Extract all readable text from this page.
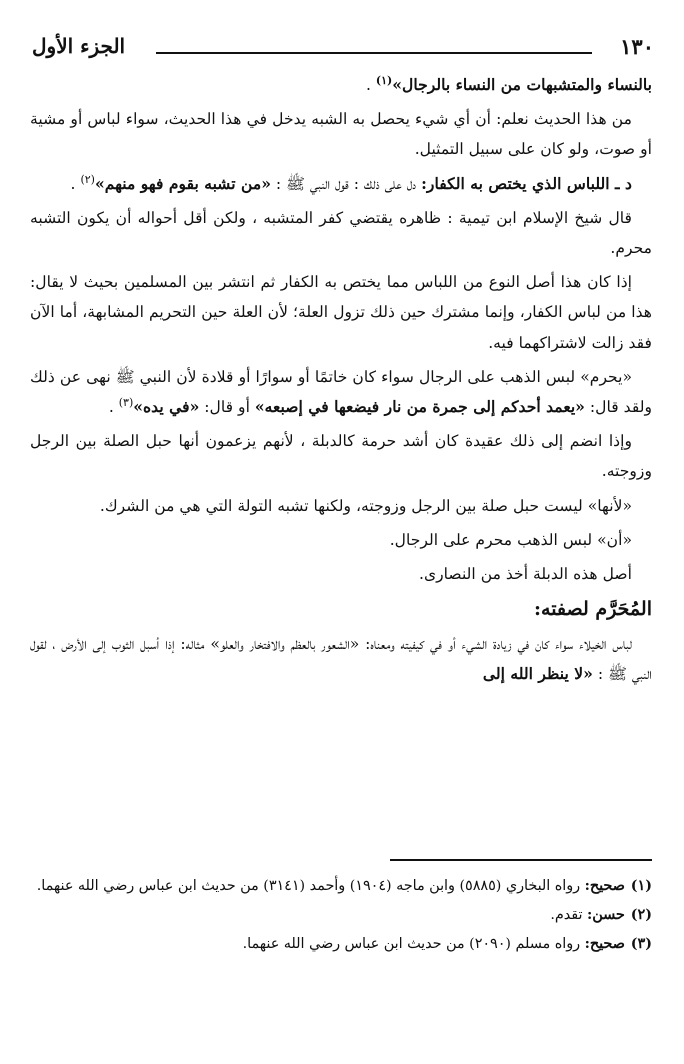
١٣٠
الجزء الأول

بالنساء والمتشبهات من النساء بالرجال»$^{(١)}$ .

من هذا الحديث نعلم: أن أي شيء يحصل به الشبه يدخل في هذا الحديث، سواء لباس أو مشية أو صوت، ولو كان على سبيل التمثيل.

د ـ اللباس الذي يختص به الكفار: دل على ذلك : قول النبي ﷺ : «من تشبه بقوم فهو منهم»$^{(٢)}$ .

قال شيخ الإسلام ابن تيمية : ظاهره يقتضي كفر المتشبه ، ولكن أقل أحواله أن يكون التشبه محرم.

إذا كان هذا أصل النوع من اللباس مما يختص به الكفار ثم انتشر بين المسلمين بحيث لا يقال: هذا من لباس الكفار، وإنما مشترك حين ذلك تزول العلة؛ لأن العلة حين التحريم المشابهة، أما الآن فقد زالت لاشتراكهما فيه.

«يحرم» لبس الذهب على الرجال سواء كان خاتمًا أو سوارًا أو قلادة لأن النبي ﷺ نهى عن ذلك ولقد قال: «يعمد أحدكم إلى جمرة من نار فيضعها في إصبعه» أو قال: «في يده»$^{(٣)}$ .

وإذا انضم إلى ذلك عقيدة كان أشد حرمة كالدبلة ، لأنهم يزعمون أنها حبل الصلة بين الرجل وزوجته.

«لأنها» ليست حبل صلة بين الرجل وزوجته، ولكنها تشبه التولة التي هي من الشرك.

«أن» لبس الذهب محرم على الرجال.

أصل هذه الدبلة أخذ من النصارى.

المُحَرَّم لصفته:

لباس الخيلاء سواء كان في زيادة الشيء أو في كيفيته ومعناه: «الشعور بالعظم والافتخار والعلو» مثاله: إذا أسبل الثوب إلى الأرض ، لقول النبي ﷺ : «لا ينظر الله إلى

(١)صحيح: رواه البخاري (٥٨٨٥) وابن ماجه (١٩٠٤) وأحمد (٣١٤١) من حديث ابن عباس رضي الله عنهما.

(٢)حسن: تقدم.

(٣)صحيح: رواه مسلم (٢٠٩٠) من حديث ابن عباس رضي الله عنهما.
